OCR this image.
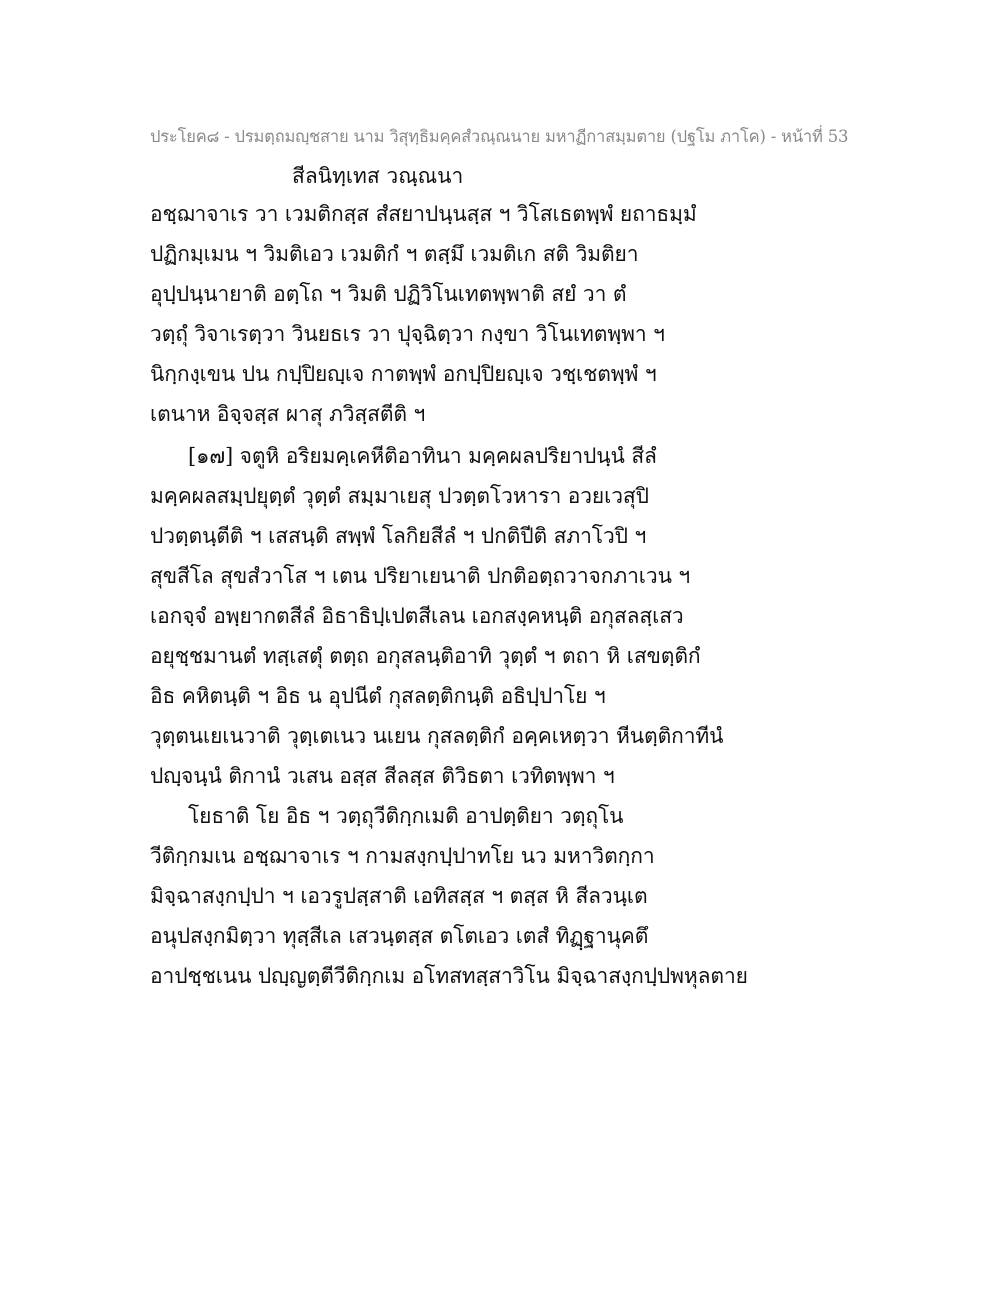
ประโยค๘ - ปรมตฺถมญฺชสาย นาม วิสุทฺธิมคฺคสํวณฺณนาย มหาฏีกาสมฺมตาย (ปฐโม ภาโค) - หน้าที่ 53
สีลนิทฺเทส วณฺณนา
อชฺฌาจาเร วา เวมติกสฺส สํสยาปนฺนสฺส ฯ วิโสเธตพฺพํ ยถาธมฺมํ
ปฏิกมฺเมน ฯ วิมติเอว เวมติกํ ฯ ตสฺมึ เวมติเก สติ วิมติยา
อุปฺปนฺนายาติ อตฺโถ ฯ วิมติ ปฏิวิโนเทตพฺพาติ สยํ วา ตํ
วตฺถุํ วิจาเรตฺวา วินยธเร วา ปุจฺฉิตฺวา กงฺขา วิโนเทตพฺพา ฯ
นิกฺกงฺเขน ปน กปฺปิยญฺเจ กาตพฺพํ อกปฺปิยญฺเจ วชฺเชตพฺพํ ฯ
เตนาห อิจฺจสฺส ผาสุ ภวิสฺสตีติ ฯ
[๑๗] จตูหิ อริยมคฺเคหีติอาทินา มคฺคผลปริยาปนฺนํ สีลํ
มคฺคผลสมฺปยุตฺตํ วุตฺตํ สมฺมาเยสุ ปวตฺตโวหารา อวยเวสุปิ
ปวตฺตนฺตีติ ฯ เสสนฺติ สพฺพํ โลกิยสีลํ ฯ ปกติปีติ สภาโวปิ ฯ
สุขสีโล สุขสํวาโส ฯ เตน ปริยาเยนาติ ปกติอตฺถวาจกภาเวน ฯ
เอกจฺจํ อพฺยากตสีลํ อิธาธิปฺเปตสีเลน เอกสงฺคหนฺติ อกุสลสฺเสว
อยุชฺชมานตํ ทสฺเสตุํ ตตฺถ อกุสลนฺติอาทิ วุตฺตํ ฯ ตถา หิ เสขตฺติกํ
อิธ คหิตนฺติ ฯ อิธ น อุปนีตํ กุสลตฺติกนฺติ อธิปฺปาโย ฯ
วุตฺตนเยเนวาติ วุตฺเตเนว นเยน กุสลตฺติกํ อคฺคเหตฺวา หีนตฺติกาทีนํ
ปญฺจนฺนํ ติกานํ วเสน อสฺส สีลสฺส ติวิธตา เวทิตพฺพา ฯ
โยธาติ โย อิธ ฯ วตฺถุวีติกฺกเมติ อาปตฺติยา วตฺถุโน
วีติกฺกมเน อชฺฌาจาเร ฯ กามสงฺกปฺปาทโย นว มหาวิตกฺกา
มิจฺฉาสงฺกปฺปา ฯ เอวรูปสฺสาติ เอทิสสฺส ฯ ตสฺส หิ สีลวนฺเต
อนุปสงฺกมิตฺวา ทุสฺสีเล เสวนฺตสฺส ตโตเอว เตสํ ทิฏฺฐานุคตึ
อาปชฺชเนน ปญฺญตฺตีวีติกฺกเม อโทสทสฺสาวิโน มิจฺฉาสงฺกปฺปพหุลตาย
